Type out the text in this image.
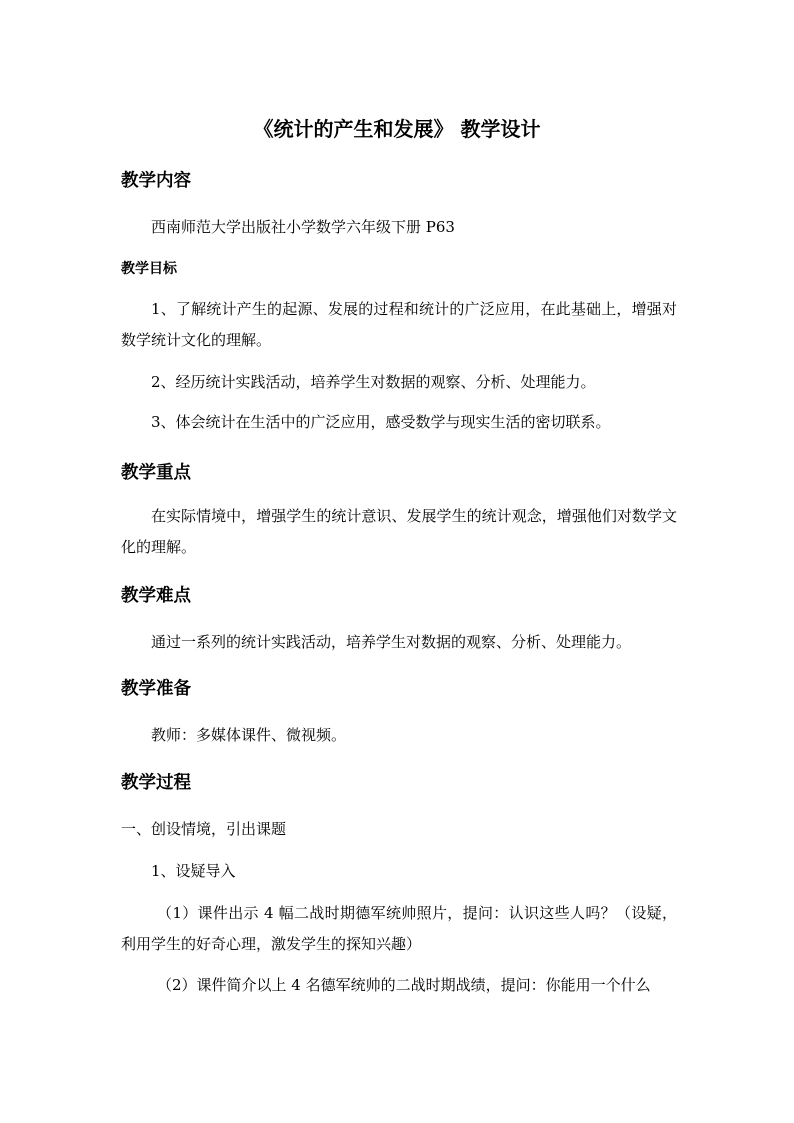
《统计的产生和发展》 教学设计
教学内容
西南师范大学出版社小学数学六年级下册 P63
教学目标
1、了解统计产生的起源、发展的过程和统计的广泛应用，在此基础上，增强对数学统计文化的理解。
2、经历统计实践活动，培养学生对数据的观察、分析、处理能力。
3、体会统计在生活中的广泛应用，感受数学与现实生活的密切联系。
教学重点
在实际情境中，增强学生的统计意识、发展学生的统计观念，增强他们对数学文化的理解。
教学难点
通过一系列的统计实践活动，培养学生对数据的观察、分析、处理能力。
教学准备
教师：多媒体课件、微视频。
教学过程
一、创设情境，引出课题
1、设疑导入
（1）课件出示 4 幅二战时期德军统帅照片，提问：认识这些人吗？（设疑，利用学生的好奇心理，激发学生的探知兴趣）
（2）课件简介以上 4 名德军统帅的二战时期战绩，提问：你能用一个什么
